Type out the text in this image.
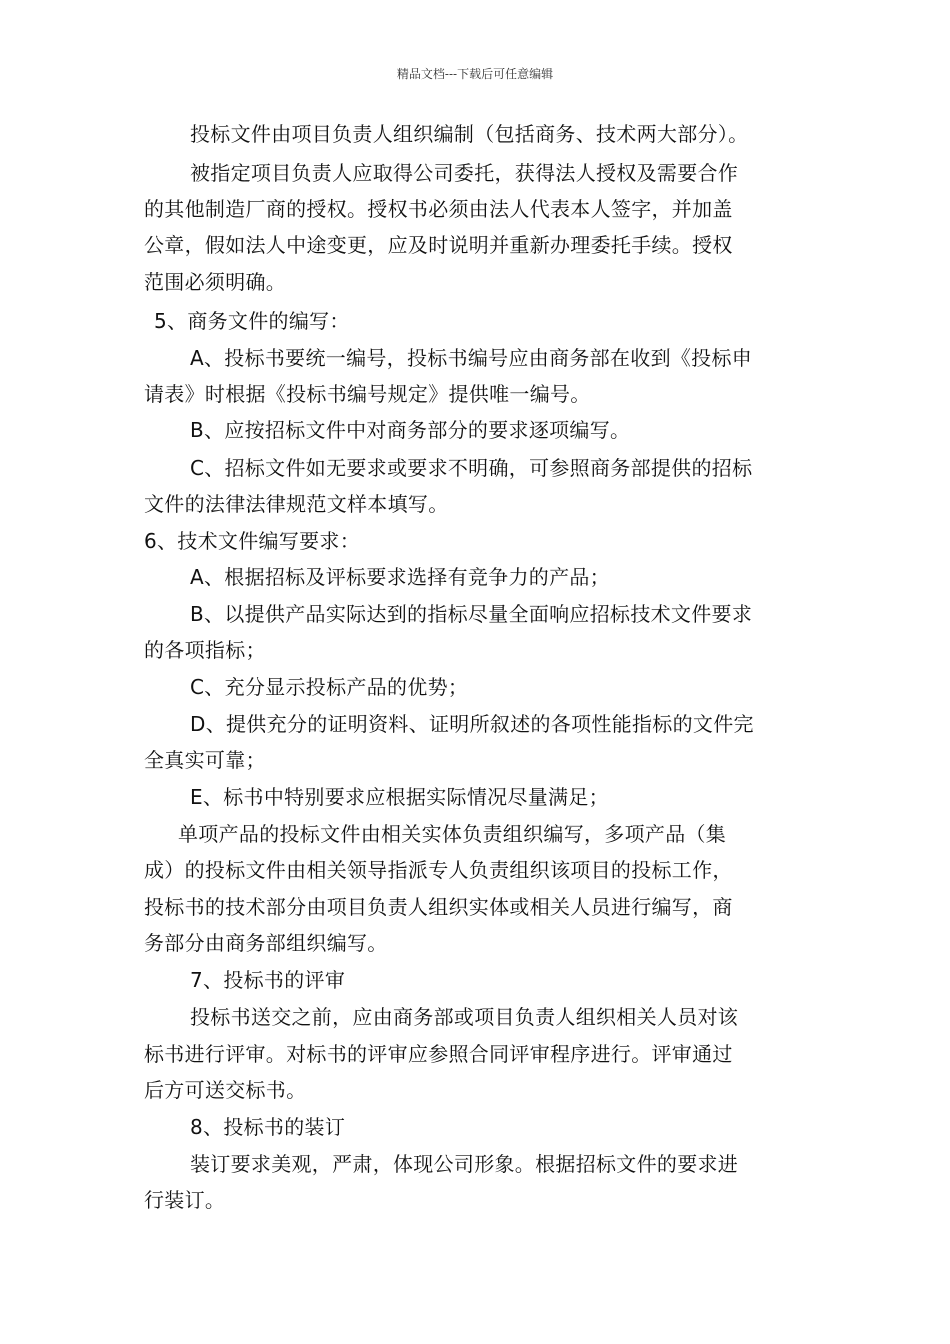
精品文档---下载后可任意编辑
投标文件由项目负责人组织编制（包括商务、技术两大部分）。
被指定项目负责人应取得公司委托，获得法人授权及需要合作
的其他制造厂商的授权。授权书必须由法人代表本人签字，并加盖
公章，假如法人中途变更，应及时说明并重新办理委托手续。授权
范围必须明确。
5、商务文件的编写：
A、投标书要统一编号，投标书编号应由商务部在收到《投标申
请表》时根据《投标书编号规定》提供唯一编号。
B、应按招标文件中对商务部分的要求逐项编写。
C、招标文件如无要求或要求不明确，可参照商务部提供的招标
文件的法律法律规范文样本填写。
6、技术文件编写要求：
A、根据招标及评标要求选择有竞争力的产品；
B、以提供产品实际达到的指标尽量全面响应招标技术文件要求
的各项指标；
C、充分显示投标产品的优势；
D、提供充分的证明资料、证明所叙述的各项性能指标的文件完
全真实可靠；
E、标书中特别要求应根据实际情况尽量满足；
单项产品的投标文件由相关实体负责组织编写，多项产品（集
成）的投标文件由相关领导指派专人负责组织该项目的投标工作，
投标书的技术部分由项目负责人组织实体或相关人员进行编写，商
务部分由商务部组织编写。
7、投标书的评审
投标书送交之前，应由商务部或项目负责人组织相关人员对该
标书进行评审。对标书的评审应参照合同评审程序进行。评审通过
后方可送交标书。
8、投标书的装订
装订要求美观，严肃，体现公司形象。根据招标文件的要求进
行装订。
